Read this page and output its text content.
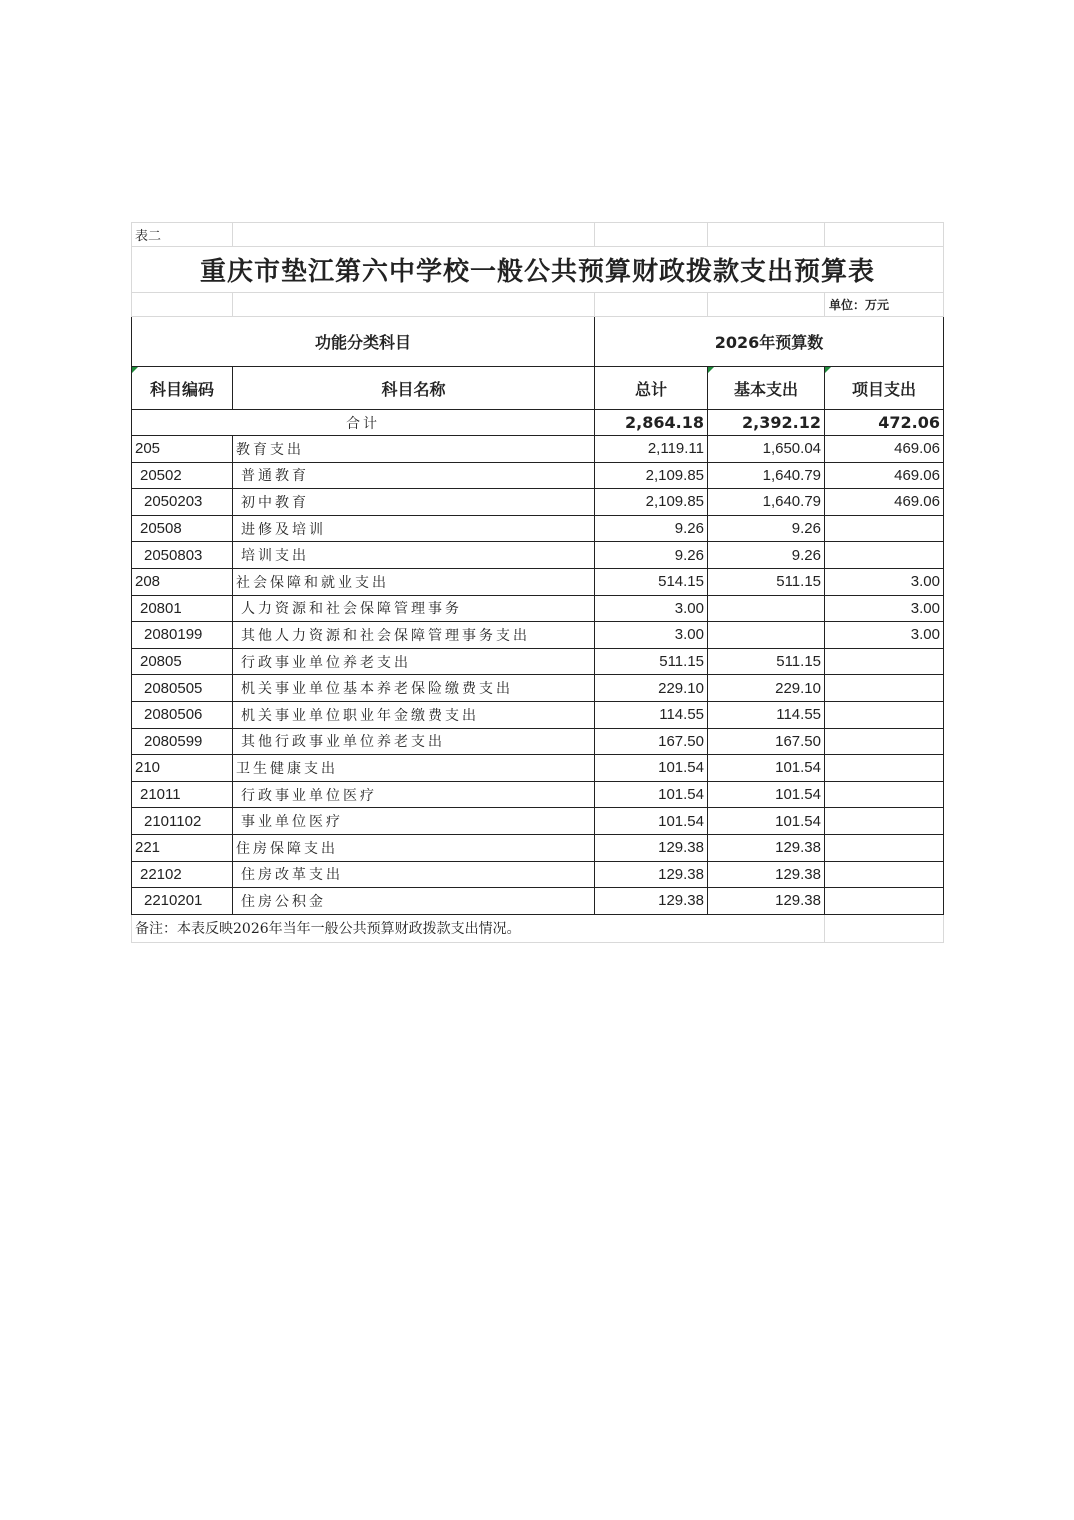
表二				
重庆市垫江第六中学校一般公共预算财政拨款支出预算表				
				单位：万元
功能分类科目		2026年预算数		
科目编码	科目名称	总计	基本支出	项目支出
合计		2,864.18	2,392.12	472.06
205	教育支出	2,119.11	1,650.04	469.06
20502	普通教育	2,109.85	1,640.79	469.06
2050203	初中教育	2,109.85	1,640.79	469.06
20508	进修及培训	9.26	9.26	
2050803	培训支出	9.26	9.26	
208	社会保障和就业支出	514.15	511.15	3.00
20801	人力资源和社会保障管理事务	3.00		3.00
2080199	其他人力资源和社会保障管理事务支出	3.00		3.00
20805	行政事业单位养老支出	511.15	511.15	
2080505	机关事业单位基本养老保险缴费支出	229.10	229.10	
2080506	机关事业单位职业年金缴费支出	114.55	114.55	
2080599	其他行政事业单位养老支出	167.50	167.50	
210	卫生健康支出	101.54	101.54	
21011	行政事业单位医疗	101.54	101.54	
2101102	事业单位医疗	101.54	101.54	
221	住房保障支出	129.38	129.38	
22102	住房改革支出	129.38	129.38	
2210201	住房公积金	129.38	129.38	
备注：本表反映2026年当年一般公共预算财政拨款支出情况。				
